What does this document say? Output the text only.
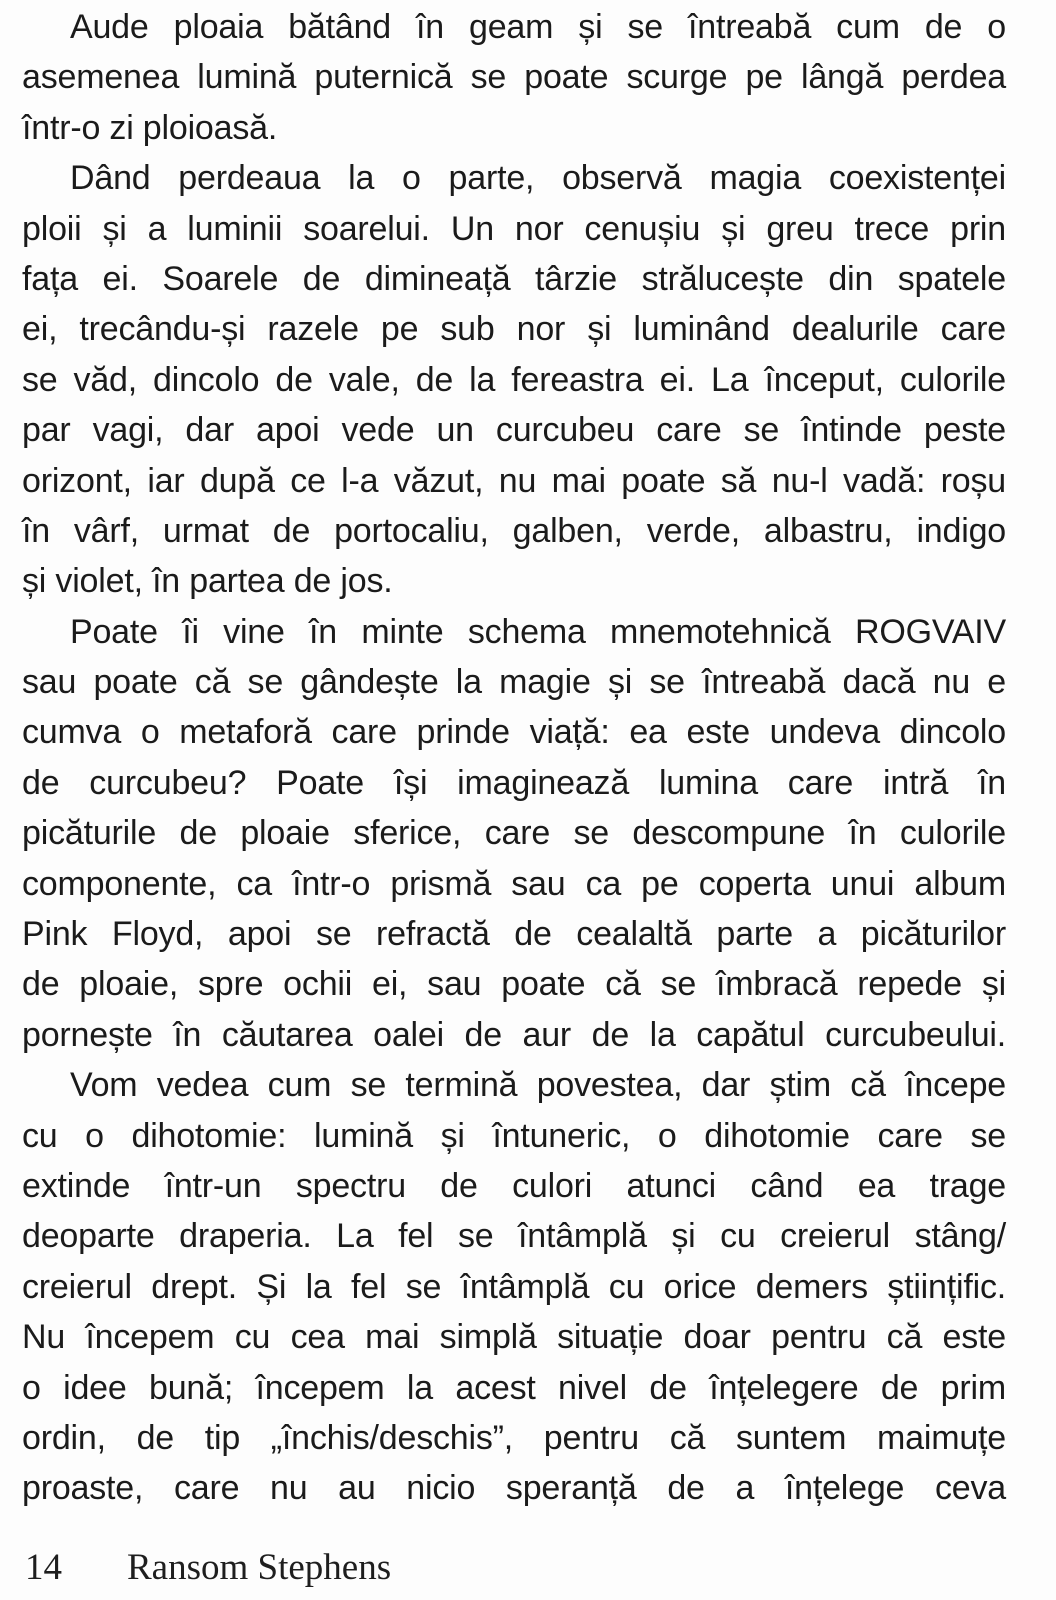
Aude ploaia bătând în geam și se întreabă cum de o
asemenea lumină puternică se poate scurge pe lângă perdea
într-o zi ploioasă.
Dând perdeaua la o parte, observă magia coexistenței
ploii și a luminii soarelui. Un nor cenușiu și greu trece prin
fața ei. Soarele de dimineață târzie strălucește din spatele
ei, trecându-și razele pe sub nor și luminând dealurile care
se văd, dincolo de vale, de la fereastra ei. La început, culorile
par vagi, dar apoi vede un curcubeu care se întinde peste
orizont, iar după ce l-a văzut, nu mai poate să nu-l vadă: roșu
în vârf, urmat de portocaliu, galben, verde, albastru, indigo
și violet, în partea de jos.
Poate îi vine în minte schema mnemotehnică ROGVAIV
sau poate că se gândește la magie și se întreabă dacă nu e
cumva o metaforă care prinde viață: ea este undeva dincolo
de curcubeu? Poate își imaginează lumina care intră în
picăturile de ploaie sferice, care se descompune în culorile
componente, ca într-o prismă sau ca pe coperta unui album
Pink Floyd, apoi se refractă de cealaltă parte a picăturilor
de ploaie, spre ochii ei, sau poate că se îmbracă repede și
pornește în căutarea oalei de aur de la capătul curcubeului.
Vom vedea cum se termină povestea, dar știm că începe
cu o dihotomie: lumină și întuneric, o dihotomie care se
extinde într-un spectru de culori atunci când ea trage
deoparte draperia. La fel se întâmplă și cu creierul stâng/
creierul drept. Și la fel se întâmplă cu orice demers științific.
Nu începem cu cea mai simplă situație doar pentru că este
o idee bună; începem la acest nivel de înțelegere de prim
ordin, de tip „închis/deschis”, pentru că suntem maimuțe
proaste, care nu au nicio speranță de a înțelege ceva
14 Ransom Stephens
